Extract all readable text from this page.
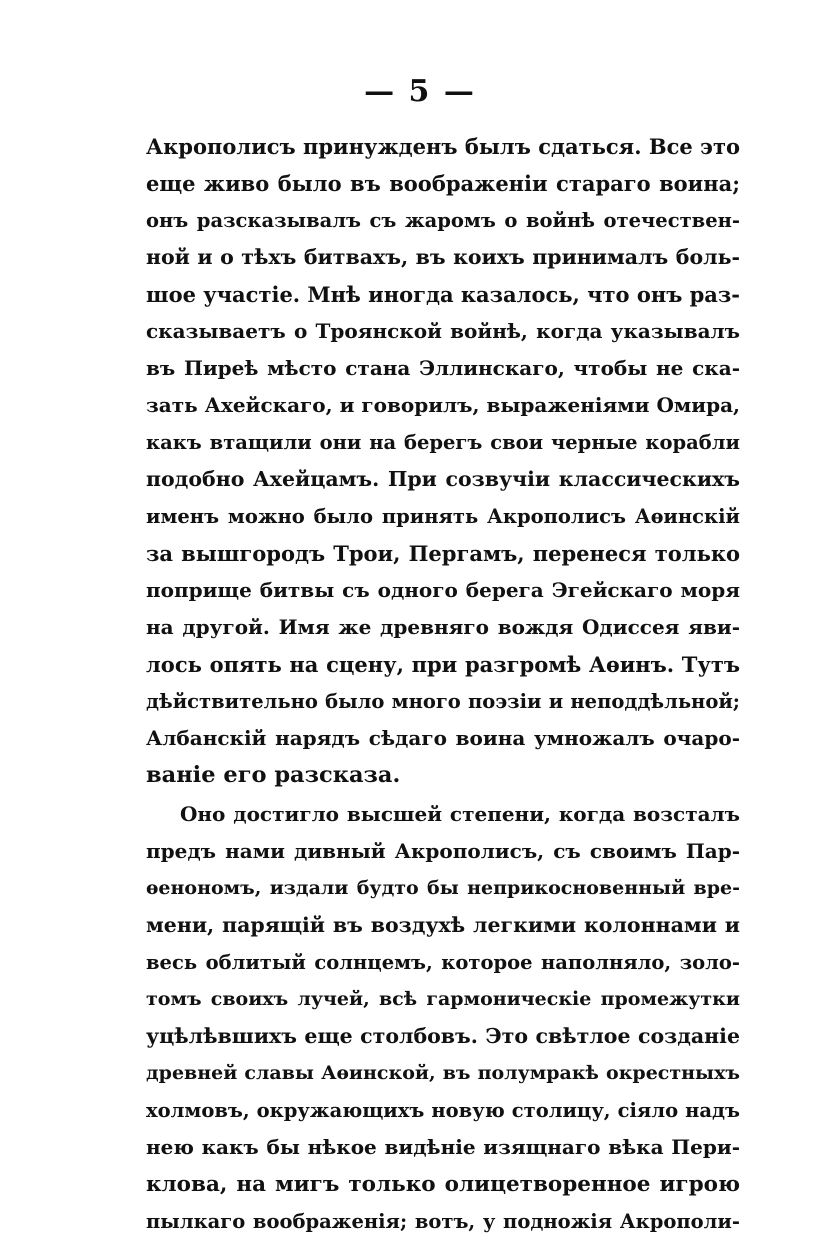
— 5 —
Акрополисъ принужденъ былъ сдаться. Все это
еще живо было въ воображенiи стараго воина;
онъ разсказывалъ съ жаромъ о войнѣ отечествен-
ной и о тѣхъ битвахъ, въ коихъ принималъ боль-
шое участiе. Мнѣ иногда казалось, что онъ раз-
сказываетъ о Троянской войнѣ, когда указывалъ
въ Пиреѣ мѣсто стана Эллинскаго, чтобы не ска-
зать Ахейскаго, и говорилъ, выраженiями Омира,
какъ втащили они на берегъ свои черные корабли
подобно Ахейцамъ. При созвучiи классическихъ
именъ можно было принять Акрополисъ Аѳинскiй
за вышгородъ Трои, Пергамъ, перенеся только
поприще битвы съ одного берега Эгейскаго моря
на другой. Имя же древняго вождя Одиссея яви-
лось опять на сцену, при разгромѣ Аѳинъ. Тутъ
дѣйствительно было много поэзiи и неподдѣльной;
Албанскiй нарядъ сѣдаго воина умножалъ очаро-
ванiе его разсказа.
Оно достигло высшей степени, когда возсталъ
предъ нами дивный Акрополисъ, съ своимъ Пар-
ѳенономъ, издали будто бы неприкосновенный вре-
мени, парящiй въ воздухѣ легкими колоннами и
весь облитый солнцемъ, которое наполняло, золо-
томъ своихъ лучей, всѣ гармоническiе промежутки
уцѣлѣвшихъ еще столбовъ. Это свѣтлое созданiе
древней славы Аѳинской, въ полумракѣ окрестныхъ
холмовъ, окружающихъ новую столицу, сiяло надъ
нею какъ бы нѣкое видѣнiе изящнаго вѣка Пери-
клова, на мигъ только олицетворенное игрою
пылкаго воображенiя; вотъ, у подножiя Акрополи-
